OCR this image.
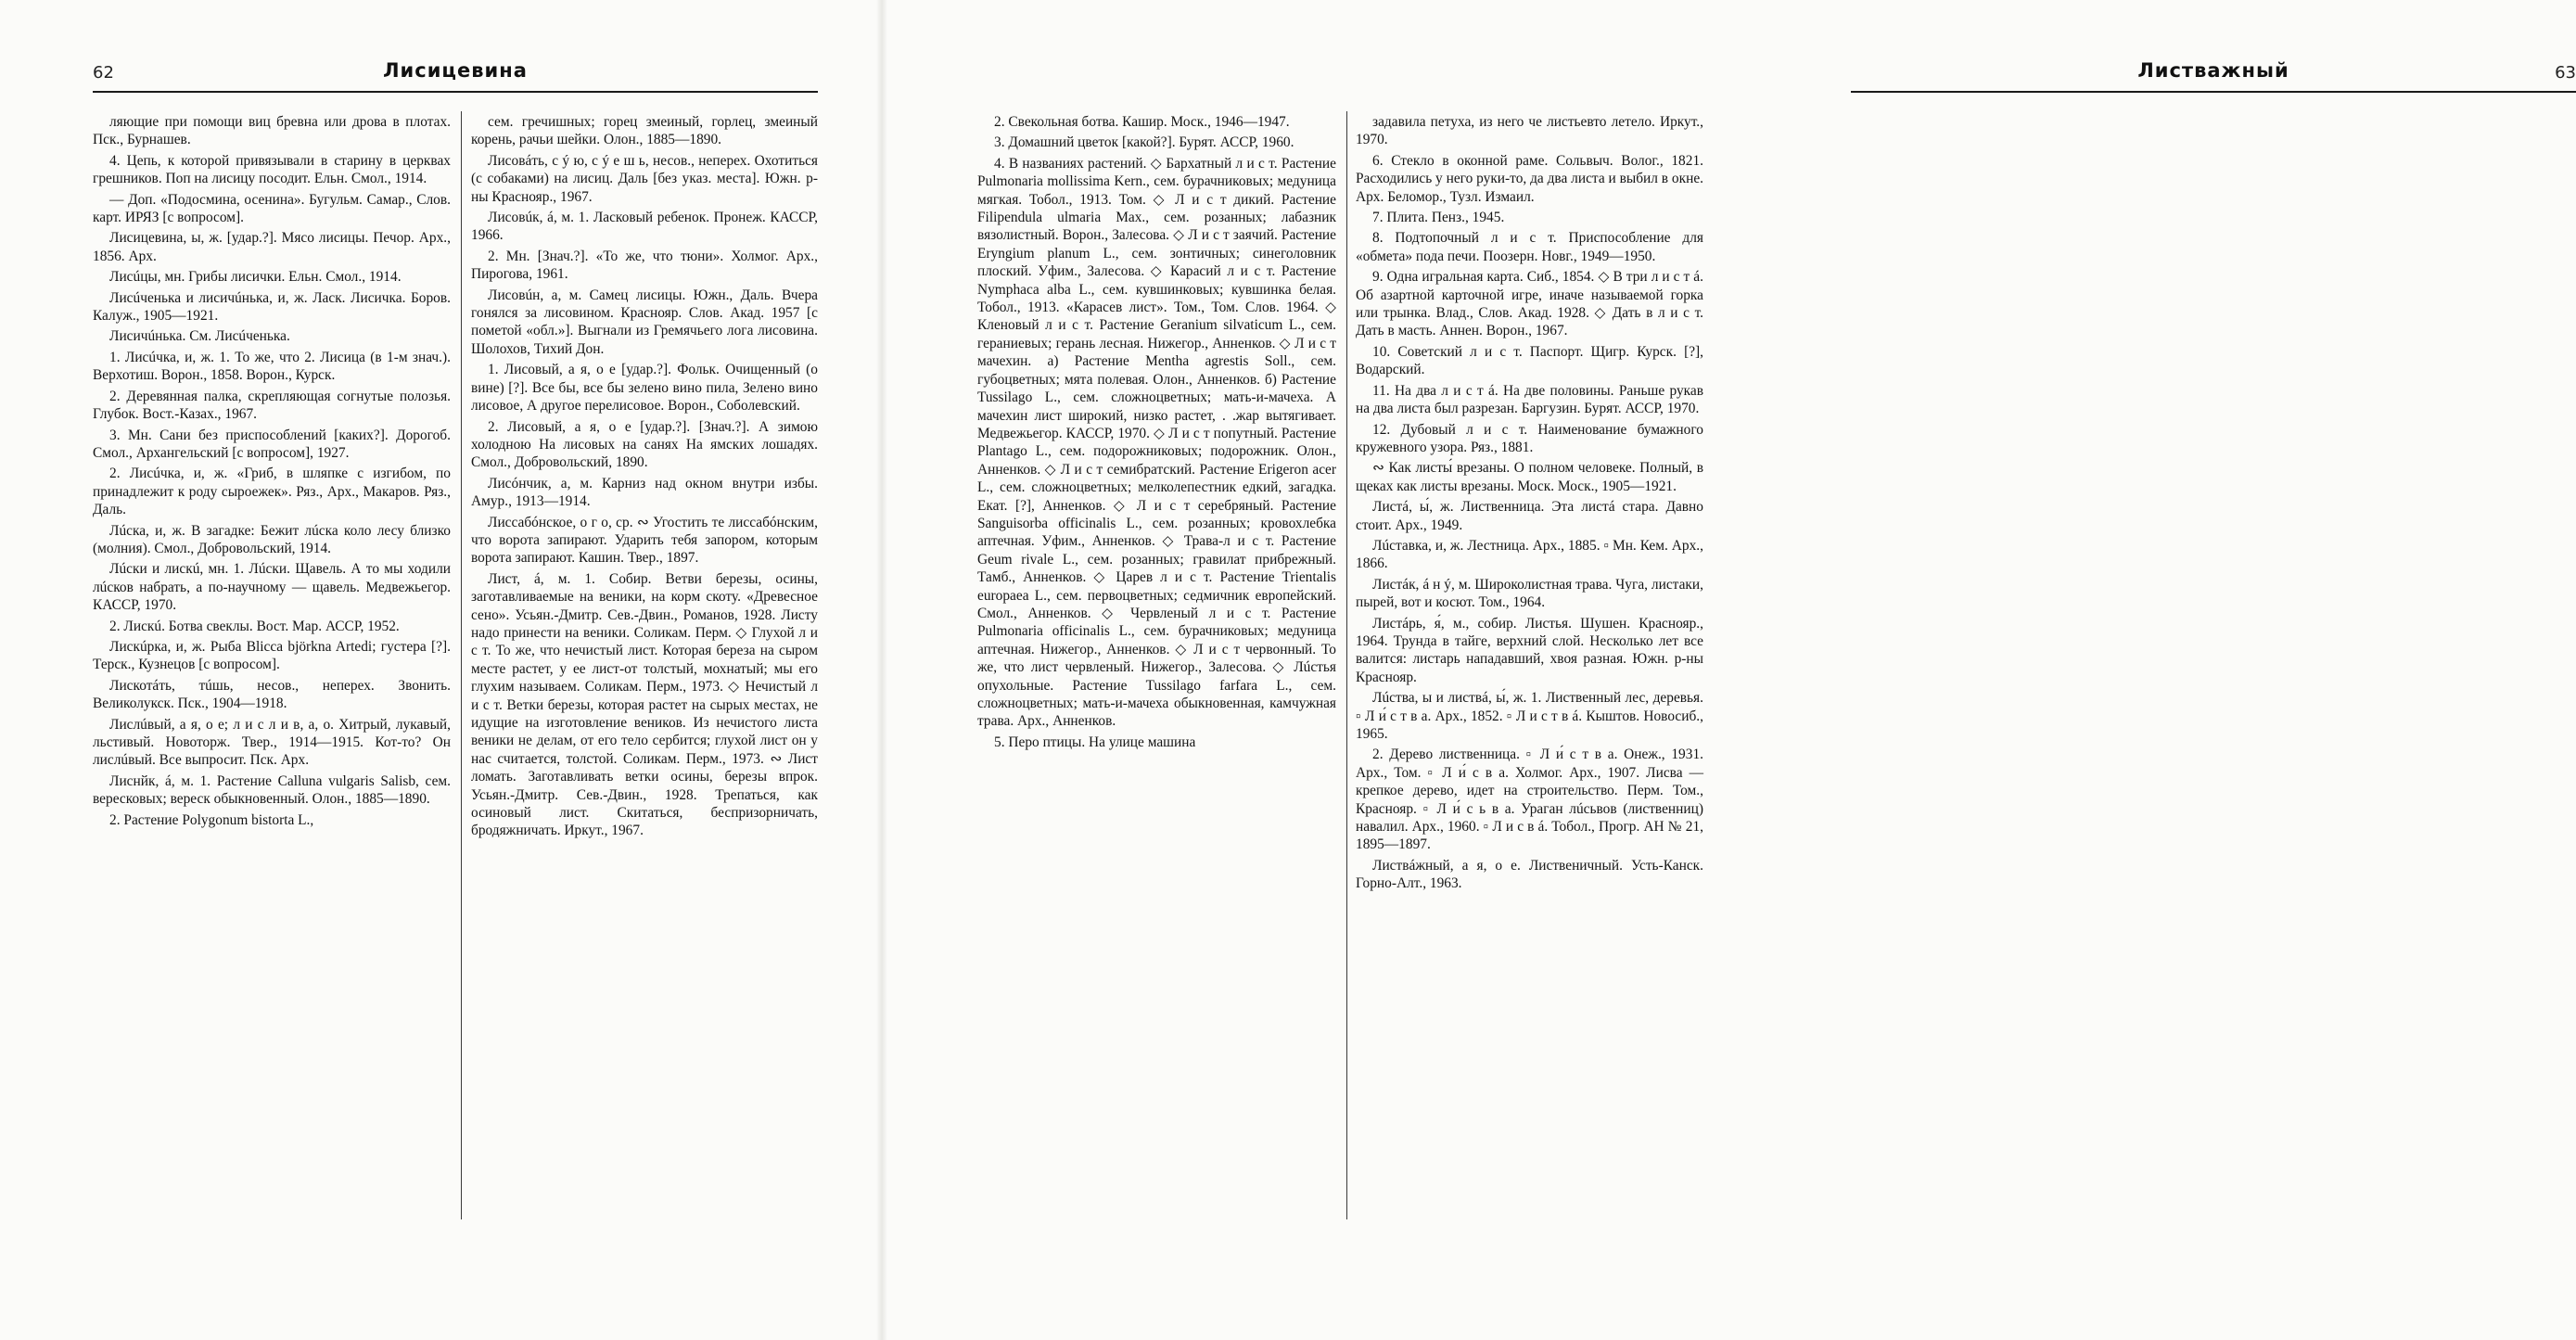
62	Лисицевина

ляющие при помощи виц бревна или дрова в плотах. Пск., Бурнашев.

4. Цепь, к которой привязывали в старину в церквах грешников. Поп на лисицу посодит. Ельн. Смол., 1914.

— Доп. «Подосмина, осенина». Бугульм. Самар., Слов. карт. ИРЯЗ [с вопросом].

Лисицевина, ы, ж. [удар.?]. Мясо лисицы. Печор. Арх., 1856. Арх.

Лисúцы, мн. Грибы лисички. Ельн. Смол., 1914.

Лисúченька и лисичúнька, и, ж. Ласк. Лисичка. Боров. Калуж., 1905—1921.

Лисичúнька. См. Лисúченька.

1. Лисúчка, и, ж. 1. То же, что 2. Лисица (в 1-м знач.). Верхотиш. Ворон., 1858. Ворон., Курск.

2. Деревянная палка, скрепляющая согнутые полозья. Глубок. Вост.-Казах., 1967.

3. Мн. Сани без приспособлений [каких?]. Дорогоб. Смол., Архангельский [с вопросом], 1927.

2. Лисúчка, и, ж. «Гриб, в шляпке с изгибом, по принадлежит к роду сыроежек». Ряз., Арх., Макаров. Ряз., Даль.

Лúска, и, ж. В загадке: Бежит лúска коло лесу близко (молния). Смол., Добровольский, 1914.

Лúски и лискú, мн. 1. Лúски. Щавель. А то мы ходили лúсков набрать, а по-научному — щавель. Медвежьегор. КАССР, 1970.

2. Лискú. Ботва свеклы. Вост. Мар. АССР, 1952.

Лискúрка, и, ж. Рыба Blicca björkna Artedi; густера [?]. Терск., Кузнецов [с вопросом].

Лискотáть, тúшь, несов., неперех. Звонить. Великолукск. Пск., 1904—1918.

Лислúвый, а я, о е; л и с л и в, а, о. Хитрый, лукавый, льстивый. Новоторж. Твер., 1914—1915. Кот-то? Он лислúвый. Все выпросит. Пск. Арх.

Лиснйк, á, м. 1. Растение Calluna vulgaris Salisb, сем. вересковых; вереск обыкновенный. Олон., 1885—1890.

2. Растение Polygonum bistorta L.,

сем. гречишных; горец змеиный, горлец, змеиный корень, рачьи шейки. Олон., 1885—1890.

Лисовáть, с ý ю, с ý е ш ь, несов., неперех. Охотиться (с собаками) на лисиц. Даль [без указ. места]. Южн. р-ны Краснояр., 1967.

Лисовúк, á, м. 1. Ласковый ребенок. Пронеж. КАССР, 1966.

2. Мн. [Знач.?]. «То же, что тюни». Холмог. Арх., Пирогова, 1961.

Лисовúн, а, м. Самец лисицы. Южн., Даль. Вчера гонялся за лисовином. Краснояр. Слов. Акад. 1957 [с пометой «обл.»]. Выгнали из Гремячьего лога лисовина. Шолохов, Тихий Дон.

1. Лисовый, а я, о е [удар.?]. Фольк. Очищенный (о вине) [?]. Все бы, все бы зелено вино пила, Зелено вино лисовое, А другое перелисовое. Ворон., Соболевский.

2. Лисовый, а я, о е [удар.?]. [Знач.?]. А зимою холодною На лисовых на санях На ямских лошадях. Смол., Добровольский, 1890.

Лисóнчик, а, м. Карниз над окном внутри избы. Амур., 1913—1914.

Лиссабóнское, о г о, ср. ∾ Угостить те лиссабóнским, что ворота запирают. Ударить тебя запором, которым ворота запирают. Кашин. Твер., 1897.

Лист, á, м. 1. Собир. Ветви березы, осины, заготавливаемые на веники, на корм скоту. «Древесное сено». Усьян.-Дмитр. Сев.-Двин., Романов, 1928. Листу надо принести на веники. Соликам. Перм. ◇ Глухой л и с т. То же, что нечистый лист. Которая береза на сыром месте растет, у ее лист-от толстый, мохнатый; мы его глухим называем. Соликам. Перм., 1973. ◇ Нечистый л и с т. Ветки березы, которая растет на сырых местах, не идущие на изготовление веников. Из нечистого листа веники не делам, от его тело сербится; глухой лист он у нас считается, толстой. Соликам. Перм., 1973. ∾ Лист ломать. Заготавливать ветки осины, березы впрок. Усьян.-Дмитр. Сев.-Двин., 1928. Трепаться, как осиновый лист. Скитаться, беспризорничать, бродяжничать. Иркут., 1967.

Листважный	63

2. Свекольная ботва. Кашир. Моск., 1946—1947.

3. Домашний цветок [какой?]. Бурят. АССР, 1960.

4. В названиях растений. ◇ Бархатный л и с т. Растение Pulmonaria mollissima Kern., сем. бурачниковых; медуница мягкая. Тобол., 1913. Том. ◇ Л и с т дикий. Растение Filipendula ulmaria Max., сем. розанных; лабазник вязолистный. Ворон., Залесова. ◇ Л и с т заячий. Растение Eryngium planum L., сем. зонтичных; синеголовник плоский. Уфим., Залесова. ◇ Карасий л и с т. Растение Nymphaca alba L., сем. кувшинковых; кувшинка белая. Тобол., 1913. «Карасев лист». Том., Том. Слов. 1964. ◇ Кленовый л и с т. Растение Geranium silvaticum L., сем. гераниевых; герань лесная. Нижегор., Анненков. ◇ Л и с т мачехин. а) Растение Mentha agrestis Soll., сем. губоцветных; мята полевая. Олон., Анненков. б) Растение Tussilago L., сем. сложноцветных; мать-и-мачеха. А мачехин лист широкий, низко растет, . .жар вытягивает. Медвежьегор. КАССР, 1970. ◇ Л и с т попутный. Растение Plantago L., сем. подорожниковых; подорожник. Олон., Анненков. ◇ Л и с т семибратский. Растение Erigeron acer L., сем. сложноцветных; мелколепестник едкий, загадка. Екат. [?], Анненков. ◇ Л и с т серебряный. Растение Sanguisorba officinalis L., сем. розанных; кровохлебка аптечная. Уфим., Анненков. ◇ Трава-л и с т. Растение Geum rivale L., сем. розанных; гравилат прибрежный. Тамб., Анненков. ◇ Царев л и с т. Растение Trientalis europaea L., сем. первоцветных; седмичник европейский. Смол., Анненков. ◇ Червленый л и с т. Растение Pulmonaria officinalis L., сем. бурачниковых; медуница аптечная. Нижегор., Анненков. ◇ Л и с т червонный. То же, что лист червленый. Нижегор., Залесова. ◇ Лúстья опухольные. Растение Tussilago farfara L., сем. сложноцветных; мать-и-мачеха обыкновенная, камчужная трава. Арх., Анненков.

5. Перо птицы. На улице машина

задавила петуха, из него че листьевто летело. Иркут., 1970.

6. Стекло в оконной раме. Сольвыч. Волог., 1821. Расходились у него руки-то, да два листа и выбил в окне. Арх. Беломор., Тузл. Измаил.

7. Плита. Пенз., 1945.

8. Подтопочный л и с т. Приспособление для «обмета» пода печи. Поозерн. Новг., 1949—1950.

9. Одна игральная карта. Сиб., 1854. ◇ В три л и с т á. Об азартной карточной игре, иначе называемой горка или трынка. Влад., Слов. Акад. 1928. ◇ Дать в л и с т. Дать в масть. Аннен. Ворон., 1967.

10. Советский л и с т. Паспорт. Щигр. Курск. [?], Водарский.

11. На два л и с т á. На две половины. Раньше рукав на два листа был разрезан. Баргузин. Бурят. АССР, 1970.

12. Дубовый л и с т. Наименование бумажного кружевного узора. Ряз., 1881.

∾ Как листы́ врезаны. О полном человеке. Полный, в щеках как листы врезаны. Моск. Моск., 1905—1921.

Листá, ы́, ж. Лиственница. Эта листá стара. Давно стоит. Арх., 1949.

Лúставка, и, ж. Лестница. Арх., 1885. ▫ Мн. Кем. Арх., 1866.

Листáк, á н ý, м. Широколистная трава. Чуга, листаки, пырей, вот и косют. Том., 1964.

Листáрь, я́, м., собир. Листья. Шушен. Краснояр., 1964. Трунда в тайге, верхний слой. Несколько лет все валится: листарь нападавший, хвоя разная. Южн. р-ны Краснояр.

Лúства, ы и листвá, ы́, ж. 1. Лиственный лес, деревья. ▫ Л и́ с т в а. Арх., 1852. ▫ Л и с т в á. Кыштов. Новосиб., 1965.

2. Дерево лиственница. ▫ Л и́ с т в а. Онеж., 1931. Арх., Том. ▫ Л и́ с в а. Холмог. Арх., 1907. Лисва — крепкое дерево, идет на строительство. Перм. Том., Краснояр. ▫ Л и́ с ь в а. Ураган лúсьвов (лиственниц) навалил. Арх., 1960. ▫ Л и с в á. Тобол., Прогр. АН № 21, 1895—1897.

Листвáжный, а я, о е. Лиственичный. Усть-Канск. Горно-Алт., 1963.
